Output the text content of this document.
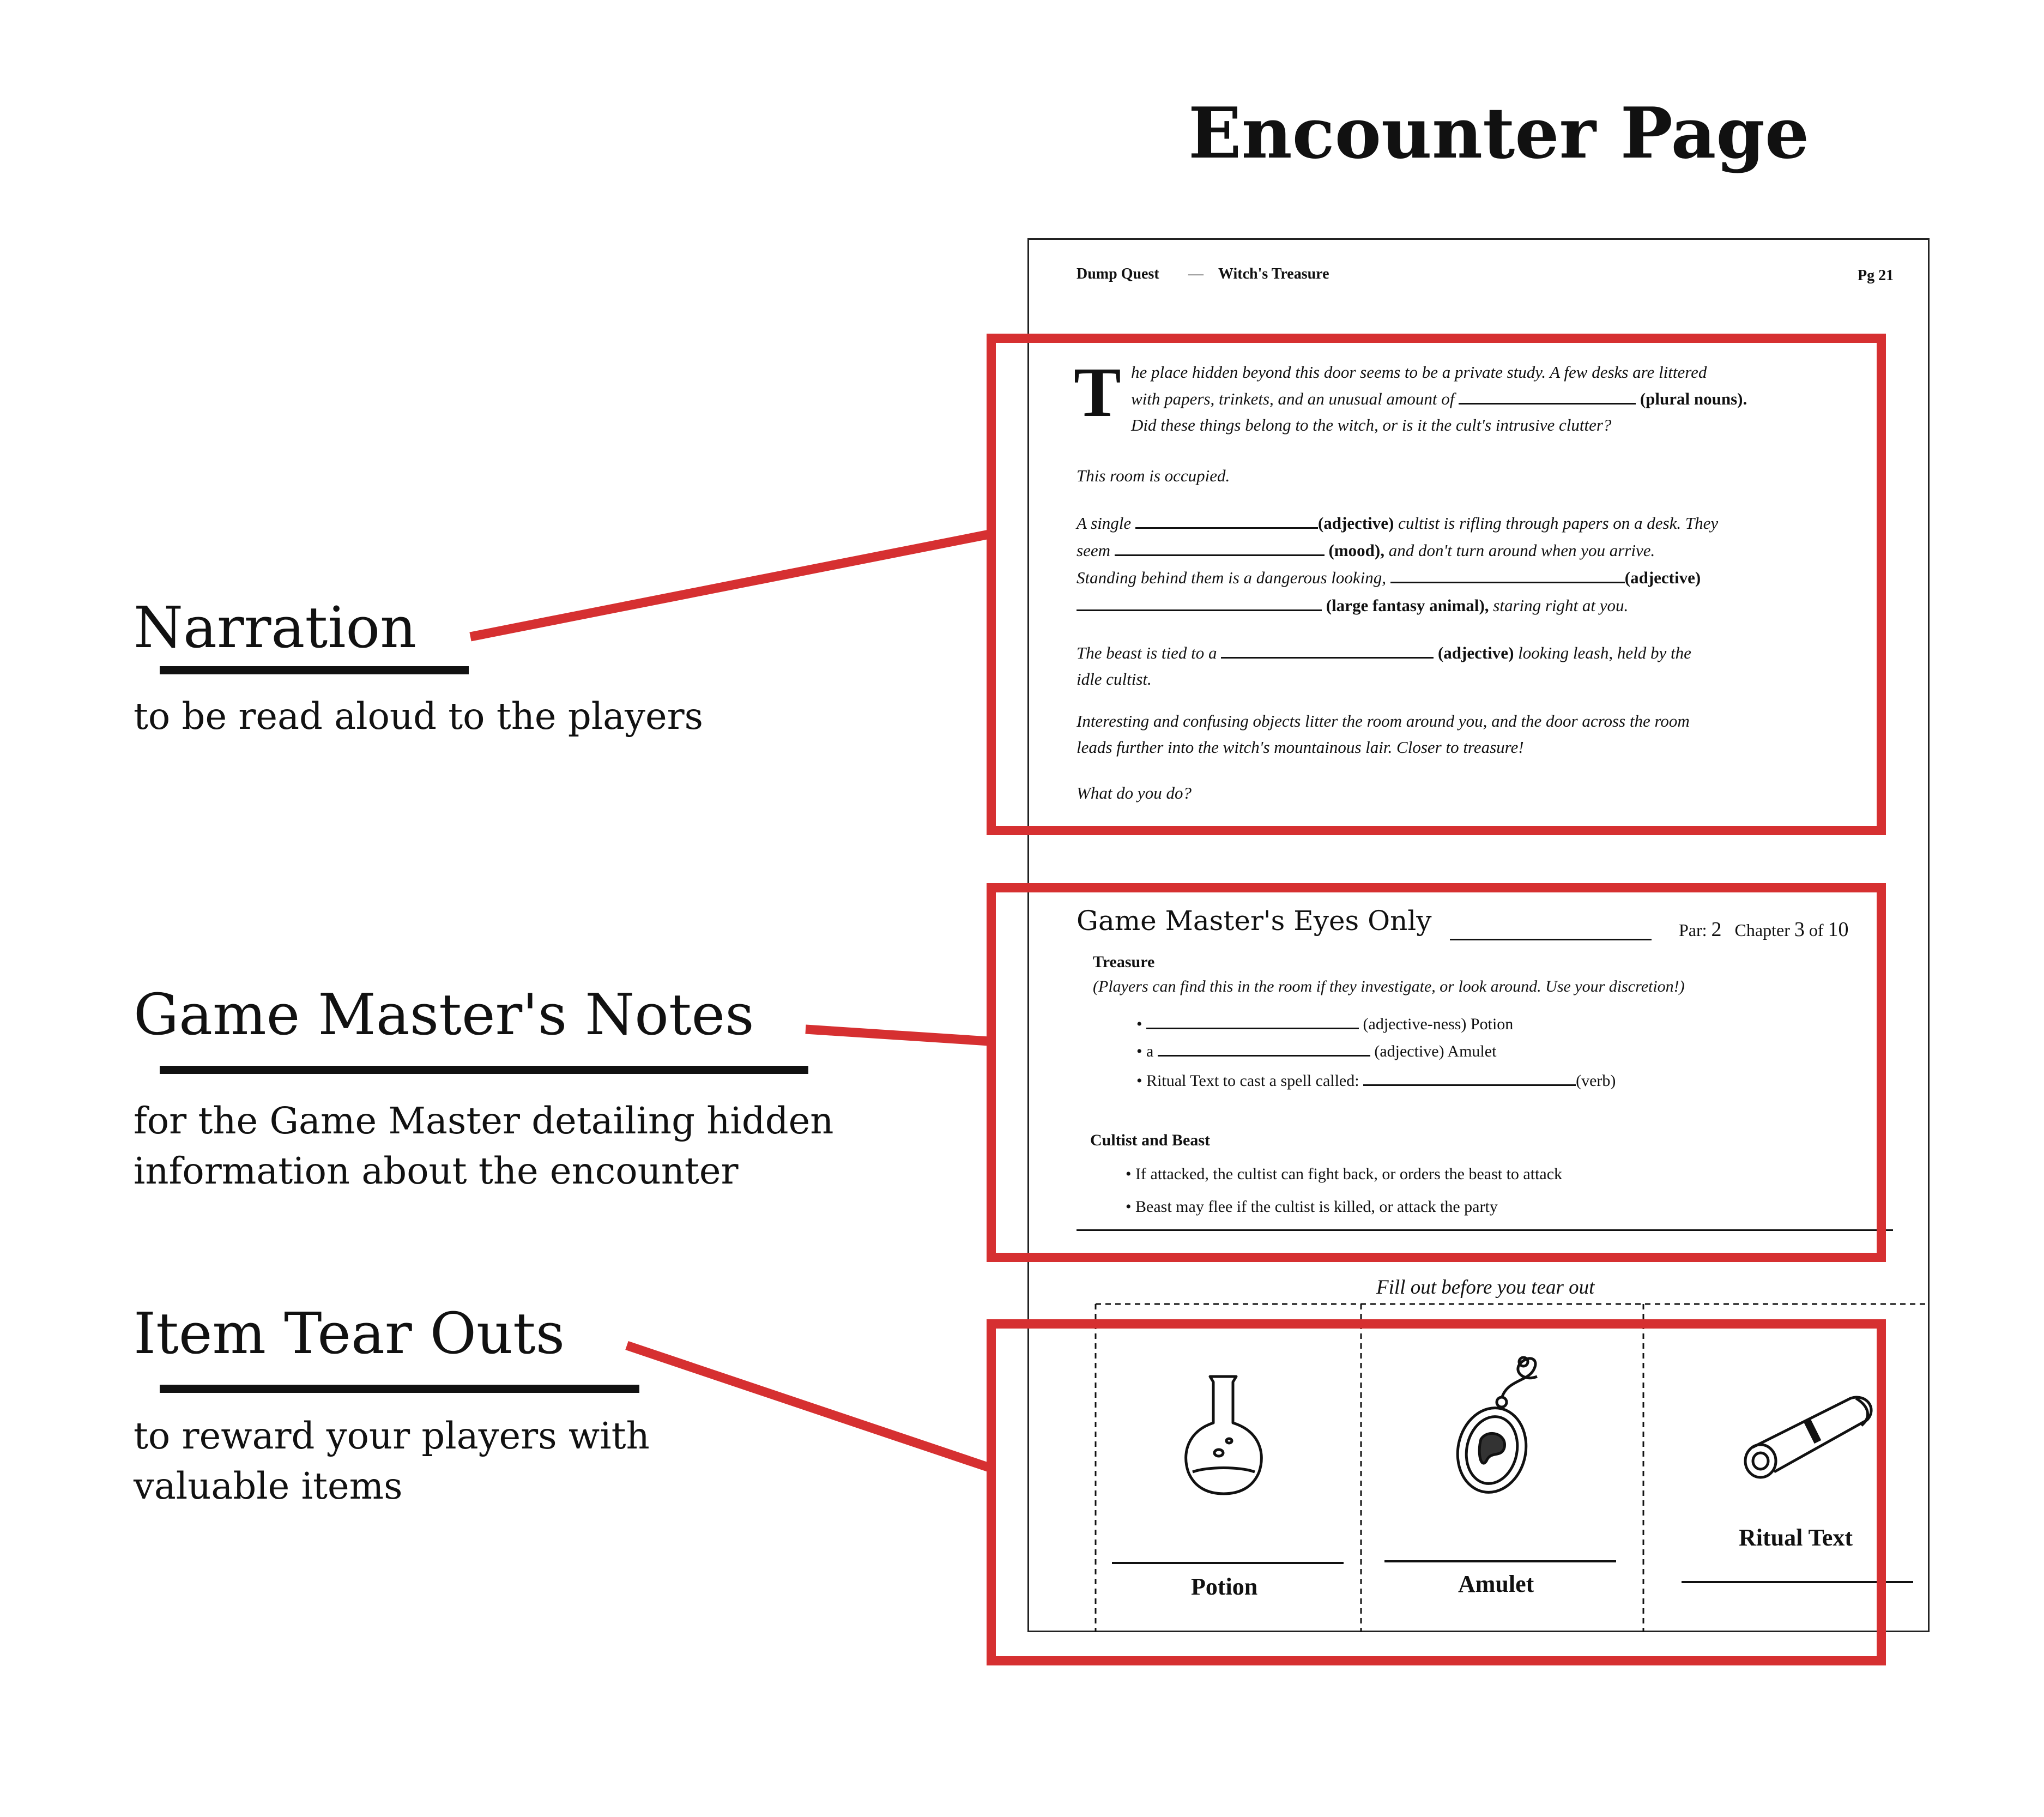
Encounter Page
Narration
to be read aloud to the players
Game Master's Notes
for the Game Master detailing hidden
information about the encounter
Item Tear Outs
to reward your players with
valuable items
Dump Quest — Witch's Treasure	Pg 21
T he place hidden beyond this door seems to be a private study. A few desks are littered
with papers, trinkets, and an unusual amount of	(plural nouns).
Did these things belong to the witch, or is it the cult's intrusive clutter?
This room is occupied.
A single	(adjective) cultist is rifling through papers on a desk. They
seem	(mood), and don't turn around when you arrive.
Standing behind them is a dangerous looking,	(adjective)
(large fantasy animal), staring right at you.
The beast is tied to a	(adjective) looking leash, held by the
idle cultist.
Interesting and confusing objects litter the room around you, and the door across the room
leads further into the witch's mountainous lair. Closer to treasure!
What do you do?
Game Master's Eyes Only	Par: 2 Chapter 3 of 10
Treasure
(Players can find this in the room if they investigate, or look around. Use your discretion!)
•	(adjective-ness) Potion
• a	(adjective) Amulet
• Ritual Text to cast a spell called:	(verb)
Cultist and Beast
• If attacked, the cultist can fight back, or orders the beast to attack
• Beast may flee if the cultist is killed, or attack the party
Fill out before you tear out
Potion	Amulet
Ritual Text
